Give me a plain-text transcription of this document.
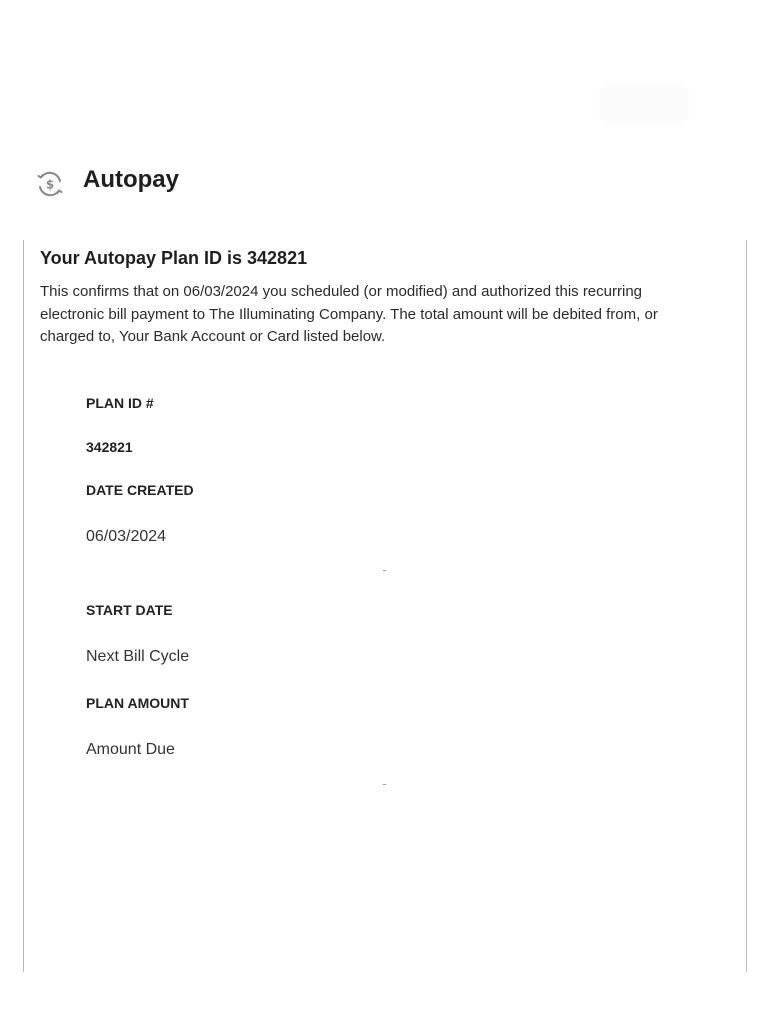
$ Autopay
Your Autopay Plan ID is 342821

This confirms that on 06/03/2024 you scheduled (or modified) and authorized this recurring electronic bill payment to The Illuminating Company. The total amount will be debited from, or charged to, Your Bank Account or Card listed below.

PLAN ID #
342821
DATE CREATED
06/03/2024
START DATE
Next Bill Cycle
PLAN AMOUNT
Amount Due
